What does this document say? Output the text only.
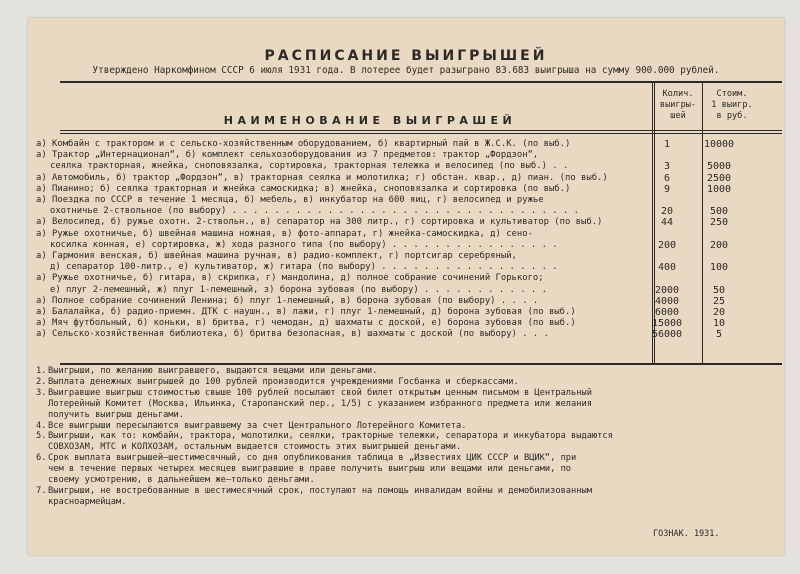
РАСПИСАНИЕ ВЫИГРЫШЕЙ
Утверждено Наркомфином СССР 6 июля 1931 года. В лотерее будет разыграно 83.683 выигрыша на сумму 900.000 рублей.
НАИМЕНОВАНИЕ ВЫИГРАШЕЙ
Колич.
выигры-
шей
Стоим.
1 выигр.
в руб.
а) Комбайн с трактором и с сельско-хозяйственным оборудованием, б) квартирный пай в Ж.С.К. (по выб.)	1	10000
а) Трактор „Интернационал“, б) комплект сельхозоборудования из 7 предметов: трактор „Фордзон“,
сеялка тракторная, жнейка, сноповязалка, сортировка, тракторная тележка и велосипед (по выб.) . .	3	5000
а) Автомобиль, б) трактор „Фордзон“, в) тракторная сеялка и молотилка; г) обстан. квар., д) пиан. (по выб.)	6	2500
а) Пианино; б) сеялка тракторная и жнейка самоскидка; в) жнейка, сноповязалка и сортировка (по выб.)	9	1000
а) Поездка по СССР в течение 1 месяца, б) мебель, в) инкубатор на 600 яиц, г) велосипед и ружье
охотничье 2-ствольное (по выбору) . . . . . . . . . . . . . . . . . . . . . . . . . . . . . . . . .	20	500
а) Велосипед, б) ружье охотн. 2-ствольн., в) сепаратор на 300 литр., г) сортировка и культиватор (по выб.)	44	250
а) Ружье охотничье, б) швейная машина ножная, в) фото-аппарат, г) жнейка-самоскидка, д) сено-
косилка конная, е) сортировка, ж) хода разного типа (по выбору) . . . . . . . . . . . . . . . .	200	200
а) Гармония венская, б) швейная машина ручная, в) радио-комплект, г) портсигар серебряный,
д) сепаратор 100-литр., е) культиватор, ж) гитара (по выбору) . . . . . . . . . . . . . . . . .	400	100
а) Ружье охотничье, б) гитара, в) скрипка, г) мандолина, д) полное собрание сочинений Горького;
е) плуг 2-лемешный, ж) плуг 1-лемешный, з) борона зубовая (по выбору) . . . . . . . . . . . .	2000	50
а) Полное собрание сочинений Ленина; б) плуг 1-лемешный, в) борона зубовая (по выбору) . . . .	4000	25
а) Балалайка, б) радио-приемн. ДТК с наушн., в) лажи, г) плуг 1-лемешный, д) борона зубовая (по выб.)	6000	20
а) Мяч футбольный, б) коньки, в) бритва, г) чемодан, д) шахматы с доской, е) борона зубовая (по выб.)	15000	10
а) Сельско-хозяйственная библиотека, б) бритва безопасная, в) шахматы с доской (по выбору) . . .	56000	5
1. Выигрыши, по желанию выигравшего, выдаются вещами или деньгами.
2. Выплата денежных выигрышей до 100 рублей производится учреждениями Госбанка и сберкассами.
3. Выигравшие выигрыш стоимостью свыше 100 рублей посылают свой билет открытым ценным письмом в Центральный
Лотерейный Комитет (Москва, Ильинка, Старопанский пер., 1/5) с указанием избранного предмета или желания
получить выигрыш деньгами.
4. Все выигрыши пересылаются выигравшему за счет Центрального Лотерейного Комитета.
5. Выигрыши, как то: комбайн, трактора, молотилки, сеялки, тракторные тележки, сепаратора и инкубатора выдаются
СОВХОЗАМ, МТС и КОЛХОЗАМ, остальным выдается стоимость этих выигрышей деньгами.
6. Срок выплата выигрышей—шестимесячный, со дня опубликования таблица в „Известиях ЦИК СССР и ВЦИК“, при
чем в течение первых четырех месяцев выигравшие в праве получить выигрыш или вещами или деньгами, по
своему усмотрению, в дальнейшем же—только деньгами.
7. Выигрыши, не востребованные в шестимесячный срок, поступают на помощь инвалидам войны и демобилизованным
красноармейцам.
ГОЗНАК. 1931.
